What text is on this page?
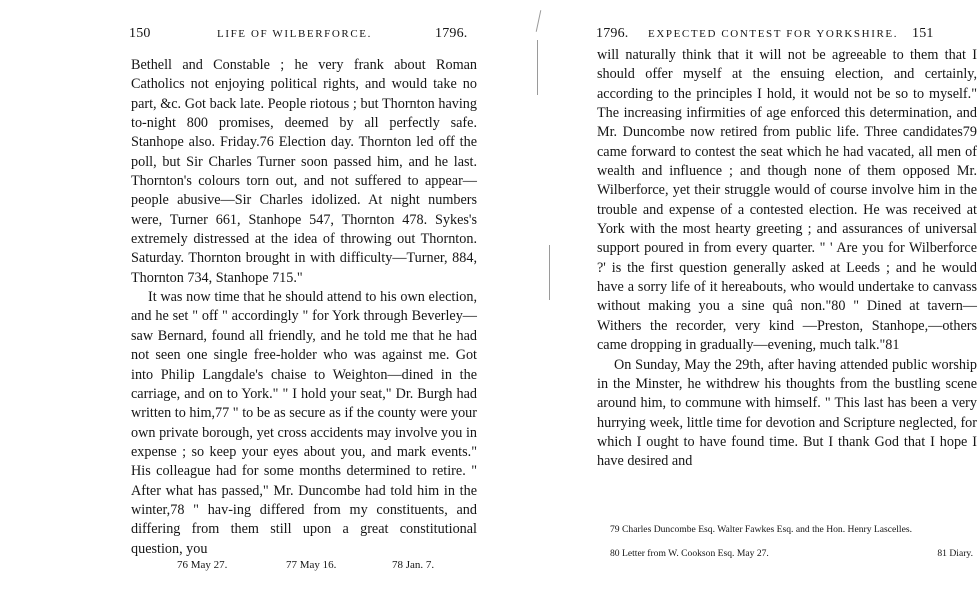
150	LIFE OF WILBERFORCE.	1796.

Bethell and Constable ; he very frank about Roman Catholics not enjoying political rights, and would take no part, &c. Got back late. People riotous ; but Thornton having to-night 800 promises, deemed by all perfectly safe. Stanhope also. Friday.76 Election day. Thornton led off the poll, but Sir Charles Turner soon passed him, and he last. Thornton's colours torn out, and not suffered to appear—people abusive—Sir Charles idolized. At night numbers were, Turner 661, Stanhope 547, Thornton 478. Sykes's extremely distressed at the idea of throwing out Thornton. Saturday. Thornton brought in with difficulty—Turner, 884, Thornton 734, Stanhope 715."

It was now time that he should attend to his own election, and he set " off " accordingly " for York through Beverley—saw Bernard, found all friendly, and he told me that he had not seen one single free-holder who was against me. Got into Philip Langdale's chaise to Weighton—dined in the carriage, and on to York." " I hold your seat," Dr. Burgh had written to him,77 " to be as secure as if the county were your own private borough, yet cross accidents may involve you in expense ; so keep your eyes about you, and mark events." His colleague had for some months determined to retire. " After what has passed," Mr. Duncombe had told him in the winter,78 " hav-ing differed from my constituents, and differing from them still upon a great constitutional question, you

76 May 27.	77 May 16.	78 Jan. 7.
1796. EXPECTED CONTEST FOR YORKSHIRE. 151

will naturally think that it will not be agreeable to them that I should offer myself at the ensuing election, and certainly, according to the principles I hold, it would not be so to myself." The increasing infirmities of age enforced this determination, and Mr. Duncombe now retired from public life. Three candidates79 came forward to contest the seat which he had vacated, all men of wealth and influence ; and though none of them opposed Mr. Wilberforce, yet their struggle would of course involve him in the trouble and expense of a contested election. He was received at York with the most hearty greeting ; and assurances of universal support poured in from every quarter. " ' Are you for Wilberforce ?' is the first question generally asked at Leeds ; and he would have a sorry life of it hereabouts, who would undertake to canvass without making you a sine quâ non."80 " Dined at tavern—Withers the recorder, very kind —Preston, Stanhope,—others came dropping in gradually—evening, much talk."81

On Sunday, May the 29th, after having attended public worship in the Minster, he withdrew his thoughts from the bustling scene around him, to commune with himself. " This last has been a very hurrying week, little time for devotion and Scripture neglected, for which I ought to have found time. But I thank God that I hope I have desired and

79 Charles Duncombe Esq. Walter Fawkes Esq. and the Hon. Henry Lascelles.
80 Letter from W. Cookson Esq. May 27.	81 Diary.
